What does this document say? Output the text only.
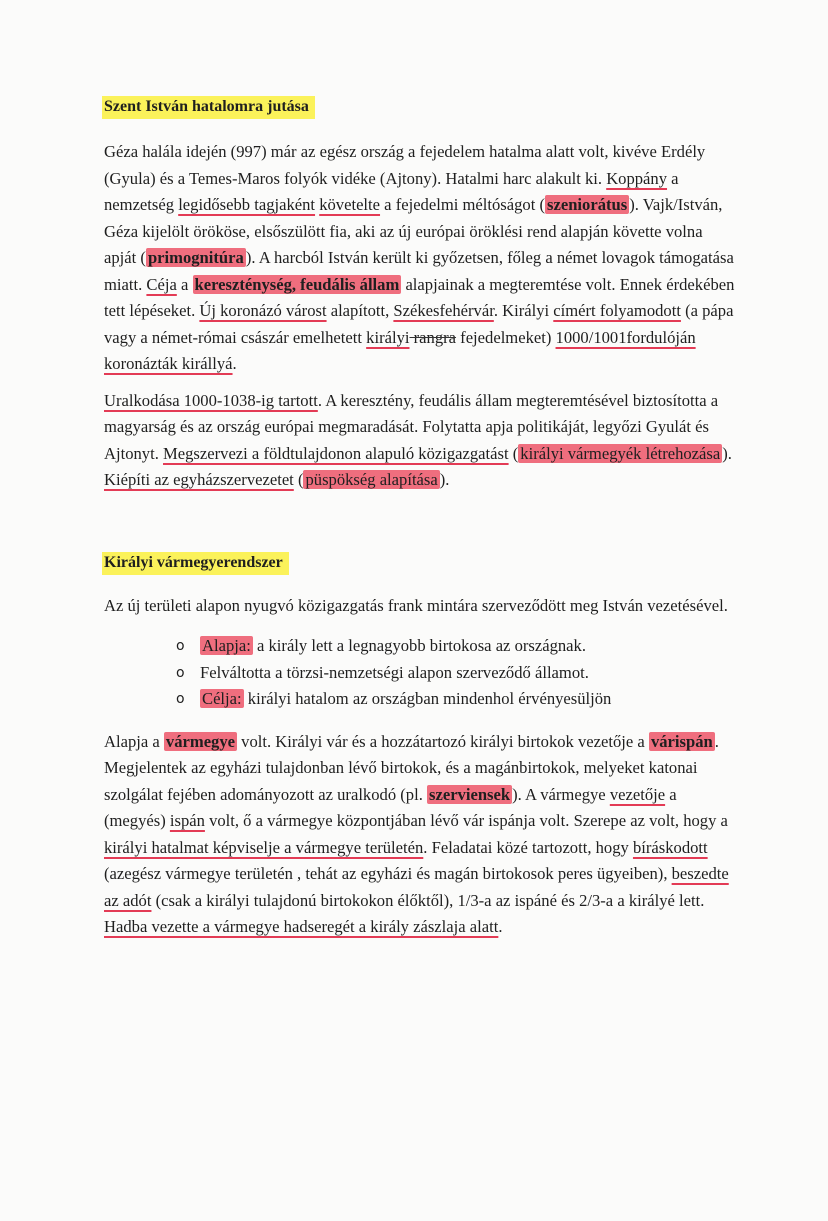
Szent István hatalomra jutása

Géza halála idején (997) már az egész ország a fejedelem hatalma alatt volt, kivéve Erdély (Gyula) és a Temes-Maros folyók vidéke (Ajtony). Hatalmi harc alakult ki. Koppány a nemzetség legidősebb tagjaként követelte a fejedelmi méltóságot ( szeniorátus ). Vajk/István, Géza kijelölt örököse, elsőszülött fia, aki az új európai öröklési rend alapján követte volna apját ( primognitúra ). A harcból István került ki győzetsen, főleg a német lovagok támogatása miatt. Céja a kereszténység, feudális állam alapjainak a megteremtése volt. Ennek érdekében tett lépéseket. Új koronázó várost alapított, Székesfehérvár. Királyi címért folyamodott (a pápa vagy a német-római császár emelhetett királyi rangra fejedelmeket) 1000/1001fordulóján koronázták királlyá.

Uralkodása 1000-1038-ig tartott. A keresztény, feudális állam megteremtésével biztosította a magyarság és az ország európai megmaradását. Folytatta apja politikáját, legyőzi Gyulát és Ajtonyt. Megszervezi a földtulajdonon alapuló közigazgatást ( királyi vármegyék létrehozása ). Kiépíti az egyházszervezetet ( püspökség alapítása ).

Királyi vármegyerendszer

Az új területi alapon nyugvó közigazgatás frank mintára szerveződött meg István vezetésével.

o Alapja: a király lett a legnagyobb birtokosa az országnak.
o Felváltotta a törzsi-nemzetségi alapon szerveződő államot.
o Célja: királyi hatalom az országban mindenhol érvényesüljön

Alapja a vármegye volt. Királyi vár és a hozzátartozó királyi birtokok vezetője a várispán . Megjelentek az egyházi tulajdonban lévő birtokok, és a magánbirtokok, melyeket katonai szolgálat fejében adományozott az uralkodó (pl. szerviensek ). A vármegye vezetője a (megyés) ispán volt, ő a vármegye központjában lévő vár ispánja volt. Szerepe az volt, hogy a királyi hatalmat képviselje a vármegye területén. Feladatai közé tartozott, hogy bíráskodott (azegész vármegye területén , tehát az egyházi és magán birtokosok peres ügyeiben), beszedte az adót (csak a királyi tulajdonú birtokokon élőktől), 1/3-a az ispáné és 2/3-a a királyé lett. Hadba vezette a vármegye hadseregét a király zászlaja alatt.
